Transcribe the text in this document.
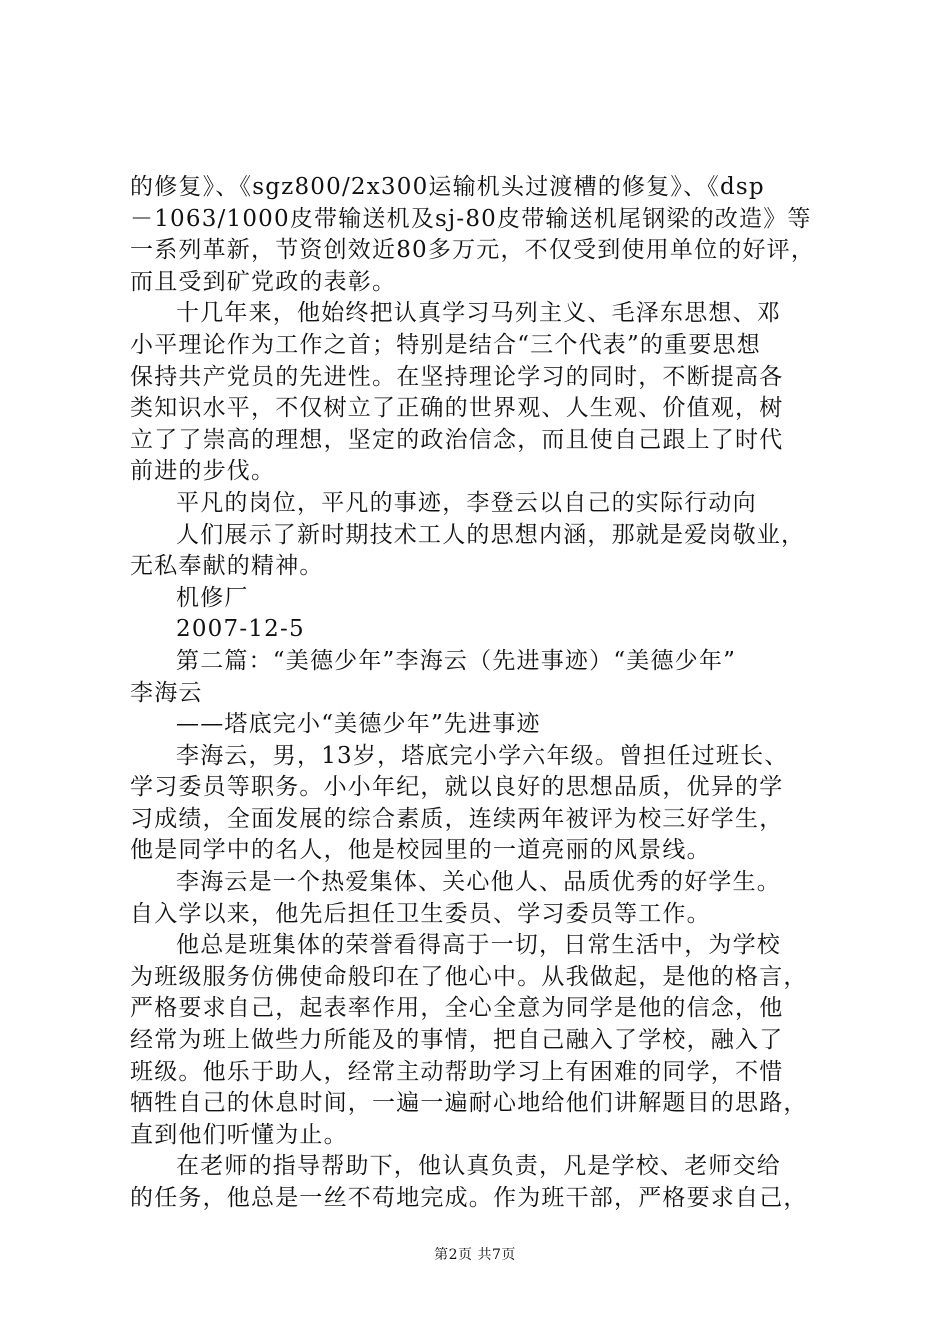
的修复》、《sgz800/2x300运输机头过渡槽的修复》、《dsp
－1063/1000皮带输送机及sj-80皮带输送机尾钢梁的改造》等
一系列革新，节资创效近80多万元，不仅受到使用单位的好评，
而且受到矿党政的表彰。
十几年来，他始终把认真学习马列主义、毛泽东思想、邓
小平理论作为工作之首；特别是结合“三个代表”的重要思想
保持共产党员的先进性。在坚持理论学习的同时，不断提高各
类知识水平，不仅树立了正确的世界观、人生观、价值观，树
立了了崇高的理想，坚定的政治信念，而且使自己跟上了时代
前进的步伐。
平凡的岗位，平凡的事迹，李登云以自己的实际行动向
人们展示了新时期技术工人的思想内涵，那就是爱岗敬业，
无私奉献的精神。
机修厂
2007-12-5
第二篇：“美德少年”李海云（先进事迹）“美德少年”
李海云
——塔底完小“美德少年”先进事迹
李海云，男，13岁，塔底完小学六年级。曾担任过班长、
学习委员等职务。小小年纪，就以良好的思想品质，优异的学
习成绩，全面发展的综合素质，连续两年被评为校三好学生，
他是同学中的名人，他是校园里的一道亮丽的风景线。
李海云是一个热爱集体、关心他人、品质优秀的好学生。
自入学以来，他先后担任卫生委员、学习委员等工作。
他总是班集体的荣誉看得高于一切，日常生活中，为学校
为班级服务仿佛使命般印在了他心中。从我做起，是他的格言，
严格要求自己，起表率作用，全心全意为同学是他的信念，他
经常为班上做些力所能及的事情，把自己融入了学校，融入了
班级。他乐于助人，经常主动帮助学习上有困难的同学，不惜
牺牲自己的休息时间，一遍一遍耐心地给他们讲解题目的思路，
直到他们听懂为止。
在老师的指导帮助下，他认真负责，凡是学校、老师交给
的任务，他总是一丝不苟地完成。作为班干部，严格要求自己，
第2页 共7页
